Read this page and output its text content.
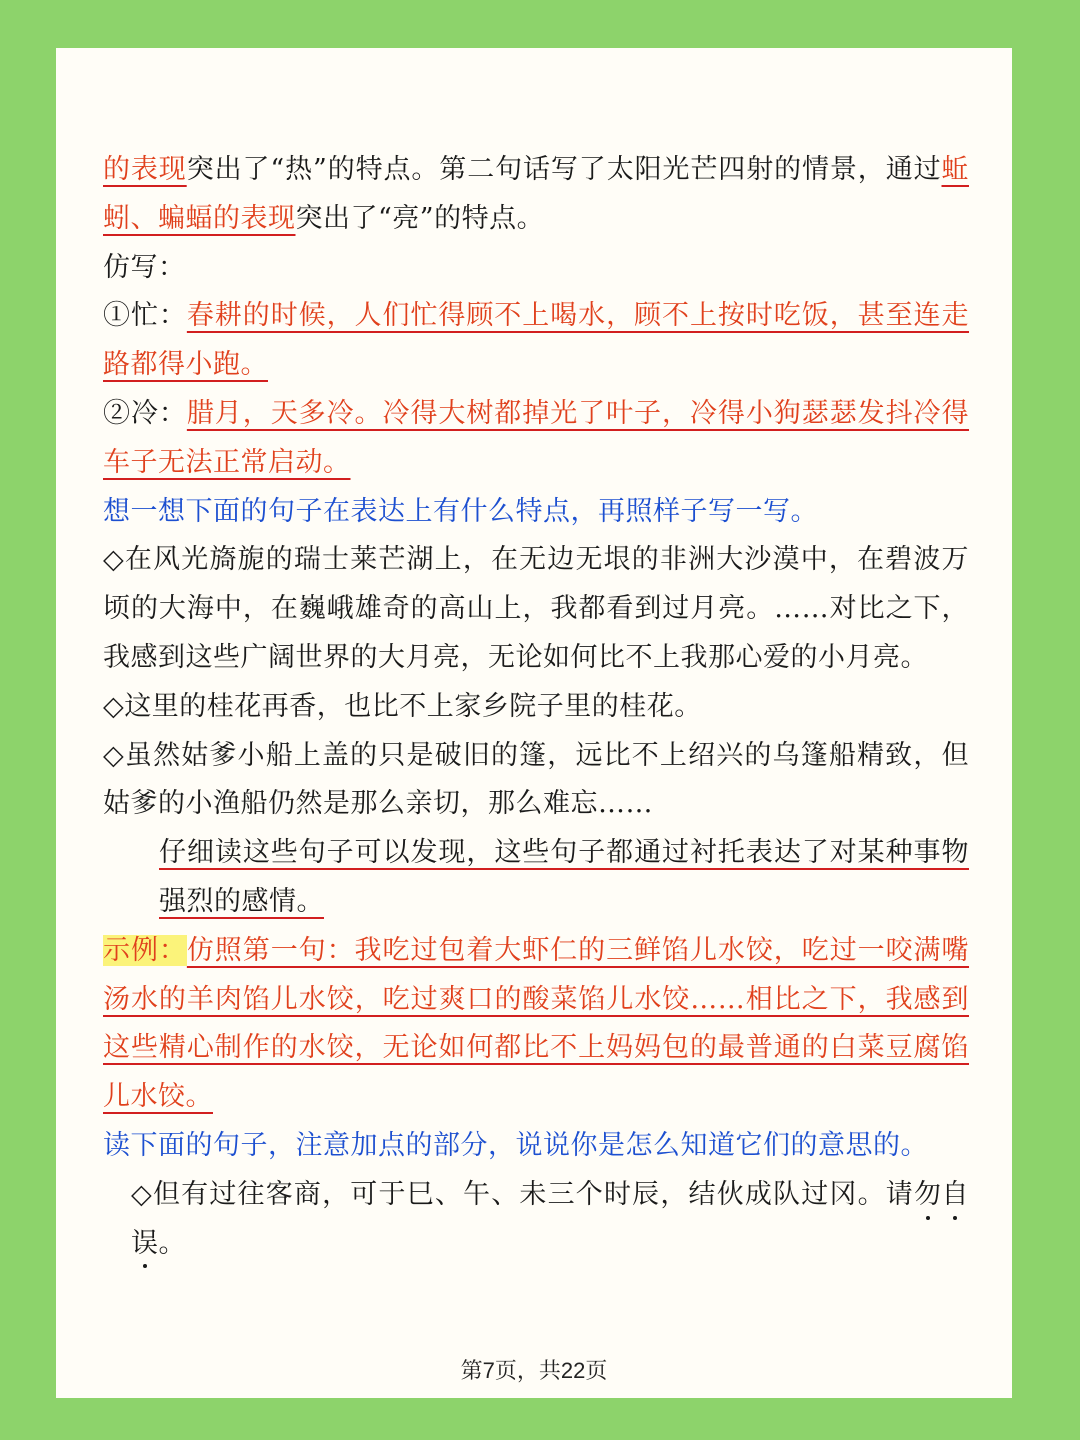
的表现突出了“热”的特点。第二句话写了太阳光芒四射的情景，通过蚯蚓、蝙蝠的表现突出了“亮”的特点。

仿写：

①忙：春耕的时候，人们忙得顾不上喝水，顾不上按时吃饭，甚至连走路都得小跑。

②冷：腊月，天多冷。冷得大树都掉光了叶子，冷得小狗瑟瑟发抖冷得车子无法正常启动。

想一想下面的句子在表达上有什么特点，再照样子写一写。

◇在风光旖旎的瑞士莱芒湖上，在无边无垠的非洲大沙漠中，在碧波万顷的大海中，在巍峨雄奇的高山上，我都看到过月亮。……对比之下，我感到这些广阔世界的大月亮，无论如何比不上我那心爱的小月亮。

◇这里的桂花再香，也比不上家乡院子里的桂花。

◇虽然姑爹小船上盖的只是破旧的篷，远比不上绍兴的乌篷船精致，但姑爹的小渔船仍然是那么亲切，那么难忘……

仔细读这些句子可以发现，这些句子都通过衬托表达了对某种事物强烈的感情。

示例：仿照第一句：我吃过包着大虾仁的三鲜馅儿水饺，吃过一咬满嘴汤水的羊肉馅儿水饺，吃过爽口的酸菜馅儿水饺……相比之下，我感到这些精心制作的水饺，无论如何都比不上妈妈包的最普通的白菜豆腐馅儿水饺。

读下面的句子，注意加点的部分，说说你是怎么知道它们的意思的。

◇但有过往客商，可于巳、午、未三个时辰，结伙成队过冈。请勿自误。

第7页，共22页
